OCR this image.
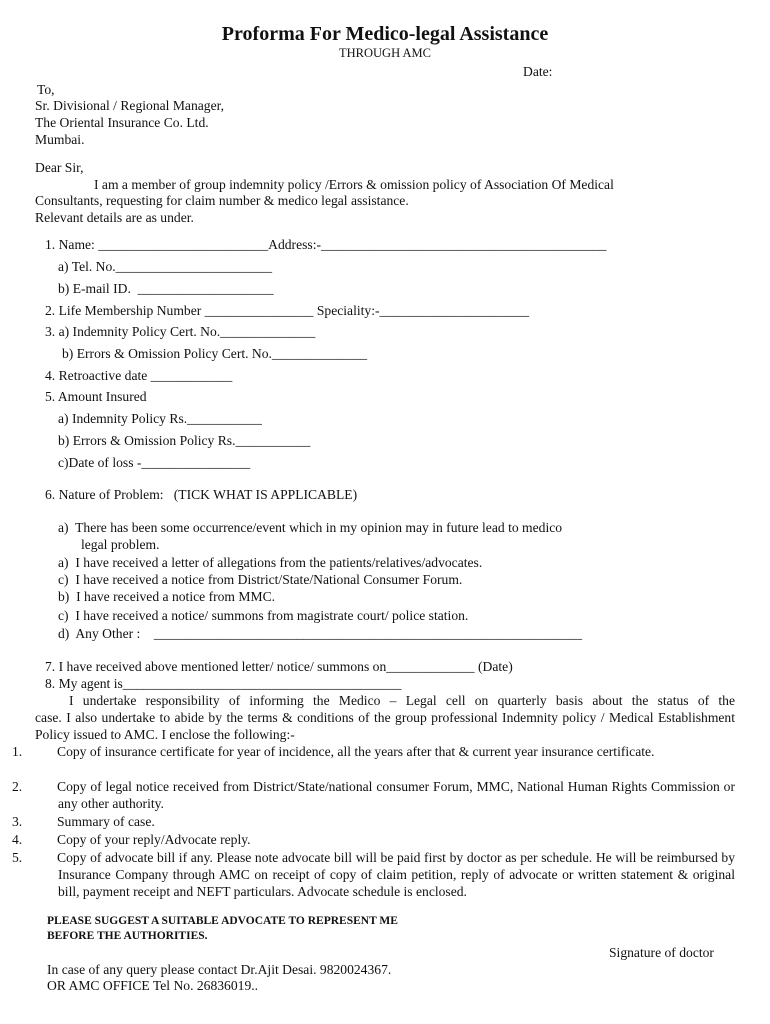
Proforma For Medico-legal Assistance
THROUGH AMC
Date:
To,
Sr. Divisional / Regional Manager,
The Oriental Insurance Co. Ltd.
Mumbai.
Dear Sir,
I am a member of group indemnity policy /Errors & omission policy of Association Of Medical
Consultants, requesting for claim number & medico legal assistance.
Relevant details are as under.
1. Name: _________________________Address:-__________________________________________
a) Tel. No._______________________
b) E-mail ID.  ____________________
2. Life Membership Number ________________ Speciality:-______________________
3. a) Indemnity Policy Cert. No.______________
b) Errors & Omission Policy Cert. No.______________
4. Retroactive date ____________
5. Amount Insured
a) Indemnity Policy Rs.___________
b) Errors & Omission Policy Rs.___________
c)Date of loss -________________
6. Nature of Problem:   (TICK WHAT IS APPLICABLE)
a)  There has been some occurrence/event which in my opinion may in future lead to medico
legal problem.
a)  I have received a letter of allegations from the patients/relatives/advocates.
c)  I have received a notice from District/State/National Consumer Forum.
b)  I have received a notice from MMC.
c)  I have received a notice/ summons from magistrate court/ police station.
d)  Any Other :    _______________________________________________________________
7. I have received above mentioned letter/ notice/ summons on_____________ (Date)
8. My agent is_________________________________________
I undertake responsibility of informing the Medico – Legal cell on quarterly basis about the status of the
case. I also undertake to abide by the terms & conditions of the group professional Indemnity policy / Medical Establishment Policy issued to AMC. I enclose the following:-
1.	Copy of insurance certificate for year of incidence, all the years after that & current year insurance certificate.
2.	Copy of legal notice received from District/State/national consumer Forum, MMC, National Human Rights Commission or any other authority.
3.	Summary of case.
4.	Copy of your reply/Advocate reply.
5.	Copy of advocate bill if any. Please note advocate bill will be paid first by doctor as per schedule. He will be reimbursed by Insurance Company through AMC on receipt of copy of claim petition, reply of advocate or written statement & original bill, payment receipt and NEFT particulars. Advocate schedule is enclosed.
PLEASE SUGGEST A SUITABLE ADVOCATE TO REPRESENT ME
BEFORE THE AUTHORITIES.
Signature of doctor
In case of any query please contact Dr.Ajit Desai. 9820024367.
OR AMC OFFICE Tel No. 26836019..
